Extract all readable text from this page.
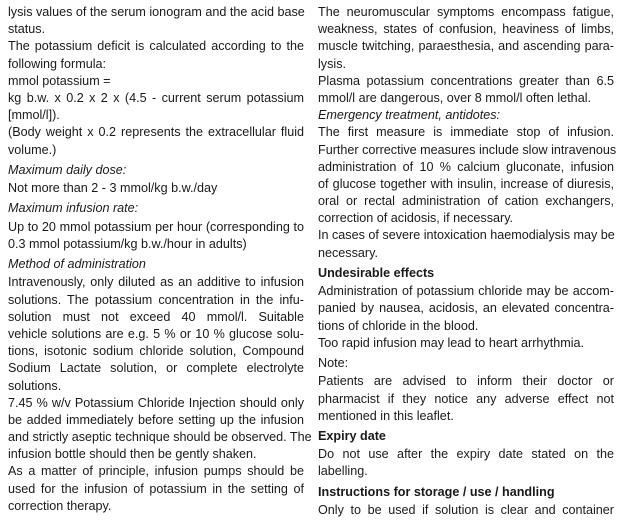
lysis values of the serum ionogram and the acid base
status.
The potassium deficit is calculated according to the
following formula:
mmol potassium =
kg b.w. x 0.2 x 2 x (4.5 - current serum potassium
[mmol/l]).
(Body weight x 0.2 represents the extracellular fluid
volume.)
Maximum daily dose:
Not more than 2 - 3 mmol/kg b.w./day
Maximum infusion rate:
Up to 20 mmol potassium per hour (corresponding to
0.3 mmol potassium/kg b.w./hour in adults)
Method of administration
Intravenously, only diluted as an additive to infusion
solutions. The potassium concentration in the infu-
solution must not exceed 40 mmol/l. Suitable
vehicle solutions are e.g. 5 % or 10 % glucose solu-
tions, isotonic sodium chloride solution, Compound
Sodium Lactate solution, or complete electrolyte
solutions.
7.45 % w/v Potassium Chloride Injection should only
be added immediately before setting up the infusion
and strictly aseptic technique should be observed. The
infusion bottle should then be gently shaken.
As a matter of principle, infusion pumps should be
used for the infusion of potassium in the setting of
correction therapy.
The neuromuscular symptoms encompass fatigue,
weakness, states of confusion, heaviness of limbs,
muscle twitching, paraesthesia, and ascending para-
lysis.
Plasma potassium concentrations greater than 6.5
mmol/l are dangerous, over 8 mmol/l often lethal.
Emergency treatment, antidotes:
The first measure is immediate stop of infusion.
Further corrective measures include slow intravenous
administration of 10 % calcium gluconate, infusion
of glucose together with insulin, increase of diuresis,
oral or rectal administration of cation exchangers,
correction of acidosis, if necessary.
In cases of severe intoxication haemodialysis may be
necessary.
Undesirable effects
Administration of potassium chloride may be accom-
panied by nausea, acidosis, an elevated concentra-
tions of chloride in the blood.
Too rapid infusion may lead to heart arrhythmia.
Note:
Patients are advised to inform their doctor or
pharmacist if they notice any adverse effect not
mentioned in this leaflet.
Expiry date
Do not use after the expiry date stated on the
labelling.
Instructions for storage / use / handling
Only to be used if solution is clear and container
